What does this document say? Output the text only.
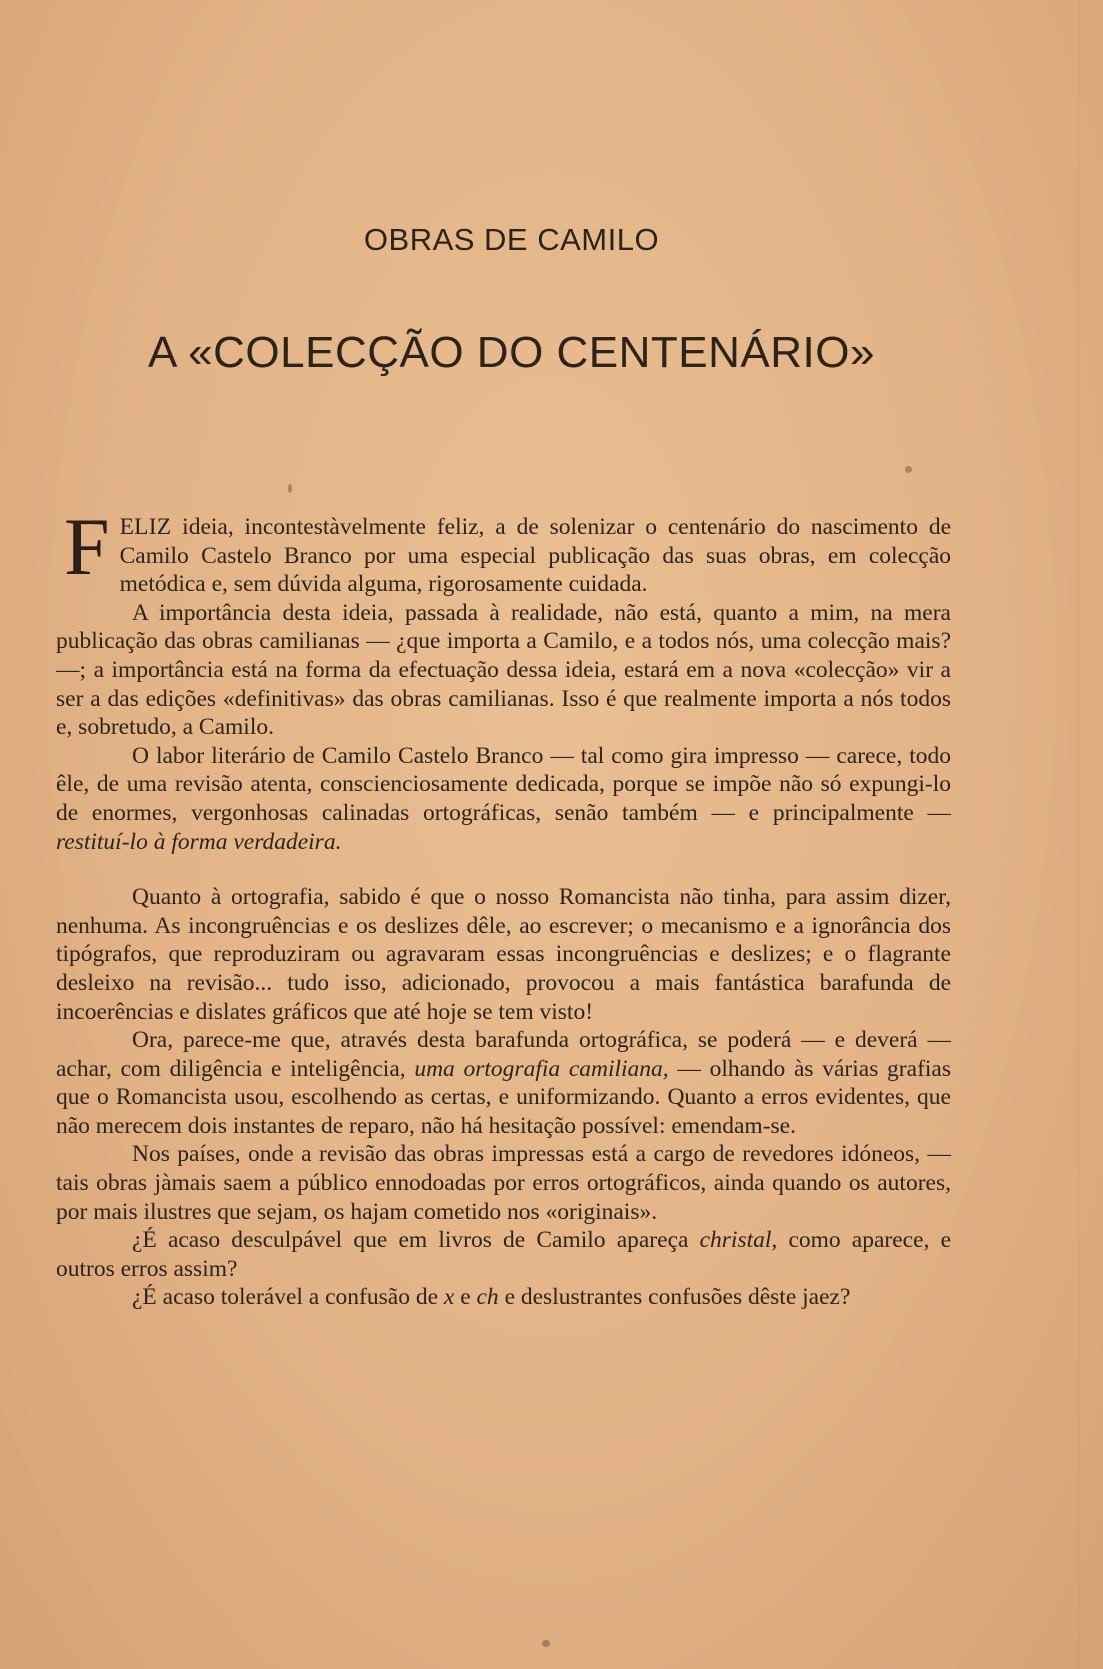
OBRAS DE CAMILO
A «COLECÇÃO DO CENTENÁRIO»

FELIZ ideia, incontestàvelmente feliz, a de solenizar o centenário do nascimento de Camilo Castelo Branco por uma especial publicação das suas obras, em colecção metódica e, sem dúvida alguma, rigorosamente cuidada.

A importância desta ideia, passada à realidade, não está, quanto a mim, na mera publicação das obras camilianas — ¿que importa a Camilo, e a todos nós, uma colecção mais? —; a importância está na forma da efectuação dessa ideia, estará em a nova «colecção» vir a ser a das edições «definitivas» das obras camilianas. Isso é que realmente importa a nós todos e, sobretudo, a Camilo.

O labor literário de Camilo Castelo Branco — tal como gira impresso — carece, todo êle, de uma revisão atenta, conscienciosamente dedicada, porque se impõe não só expungi-lo de enormes, vergonhosas calinadas ortográficas, senão também — e principalmente — restituí-lo à forma verdadeira.

Quanto à ortografia, sabido é que o nosso Romancista não tinha, para assim dizer, nenhuma. As incongruências e os deslizes dêle, ao escrever; o mecanismo e a ignorância dos tipógrafos, que reproduziram ou agravaram essas incongruências e deslizes; e o flagrante desleixo na revisão... tudo isso, adicionado, provocou a mais fantástica barafunda de incoerências e dislates gráficos que até hoje se tem visto!

Ora, parece-me que, através desta barafunda ortográfica, se poderá — e deverá — achar, com diligência e inteligência, uma ortografia camiliana, — olhando às várias grafias que o Romancista usou, escolhendo as certas, e uniformizando. Quanto a erros evidentes, que não merecem dois instantes de reparo, não há hesitação possível: emendam-se.

Nos países, onde a revisão das obras impressas está a cargo de revedores idóneos, — tais obras jàmais saem a público ennodoadas por erros ortográficos, ainda quando os autores, por mais ilustres que sejam, os hajam cometido nos «originais».

¿É acaso desculpável que em livros de Camilo apareça christal, como aparece, e outros erros assim?

¿É acaso tolerável a confusão de x e ch e deslustrantes confusões dêste jaez?
